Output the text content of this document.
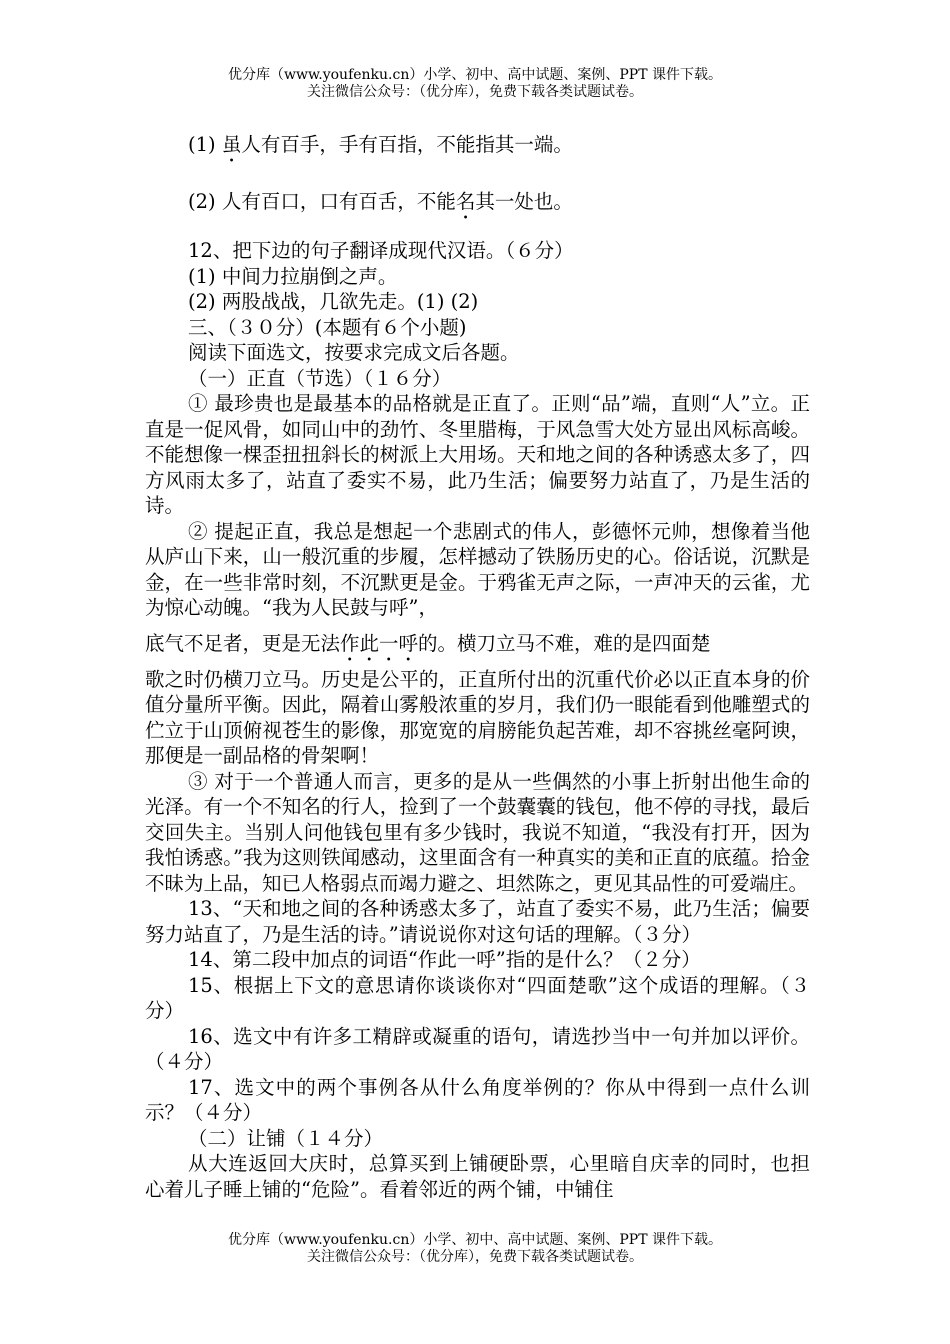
优分库（www.youfenku.cn）小学、初中、高中试题、案例、PPT 课件下载。
关注微信公众号：（优分库），免费下载各类试题试卷。

(1) 虽人有百手，手有百指，不能指其一端。

(2) 人有百口，口有百舌，不能名其一处也。

12、把下边的句子翻译成现代汉语。（６分）

(1) 中间力拉崩倒之声。

(2) 两股战战，几欲先走。(1) (2)

三、（３０分）(本题有６个小题)

阅读下面选文，按要求完成文后各题。

（一）正直（节选）（１６分）

① 最珍贵也是最基本的品格就是正直了。正则“品”端，直则“人”立。正直是一促风骨，如同山中的劲竹、冬里腊梅，于风急雪大处方显出风标高峻。不能想像一棵歪扭扭斜长的树派上大用场。天和地之间的各种诱惑太多了，四方风雨太多了，站直了委实不易，此乃生活；偏要努力站直了，乃是生活的诗。

② 提起正直，我总是想起一个悲剧式的伟人，彭德怀元帅，想像着当他从庐山下来，山一般沉重的步履，怎样撼动了铁肠历史的心。俗话说，沉默是金，在一些非常时刻，不沉默更是金。于鸦雀无声之际，一声冲天的云雀，尤为惊心动魄。“我为人民鼓与呼”，

底气不足者，更是无法作此一呼的。横刀立马不难，难的是四面楚

歌之时仍横刀立马。历史是公平的，正直所付出的沉重代价必以正直本身的价值分量所平衡。因此，隔着山雾般浓重的岁月，我们仍一眼能看到他雕塑式的伫立于山顶俯视苍生的影像，那宽宽的肩膀能负起苦难，却不容挑丝毫阿谀，那便是一副品格的骨架啊！

③ 对于一个普通人而言，更多的是从一些偶然的小事上折射出他生命的光泽。有一个不知名的行人，捡到了一个鼓囊囊的钱包，他不停的寻找，最后交回失主。当别人问他钱包里有多少钱时，我说不知道，“我没有打开，因为我怕诱惑。”我为这则铁闻感动，这里面含有一种真实的美和正直的底蕴。拾金不昧为上品，知已人格弱点而竭力避之、坦然陈之，更见其品性的可爱端庄。

13、“天和地之间的各种诱惑太多了，站直了委实不易，此乃生活；偏要努力站直了，乃是生活的诗。”请说说你对这句话的理解。（３分）

14、第二段中加点的词语“作此一呼”指的是什么？（２分）

15、根据上下文的意思请你谈谈你对“四面楚歌”这个成语的理解。（３分）

16、选文中有许多工精辟或凝重的语句，请选抄当中一句并加以评价。（４分）

17、选文中的两个事例各从什么角度举例的？你从中得到一点什么训示？（４分）

（二）让铺（１４分）

从大连返回大庆时，总算买到上铺硬卧票，心里暗自庆幸的同时，也担心着儿子睡上铺的“危险”。看着邻近的两个铺，中铺住

优分库（www.youfenku.cn）小学、初中、高中试题、案例、PPT 课件下载。
关注微信公众号：（优分库），免费下载各类试题试卷。
